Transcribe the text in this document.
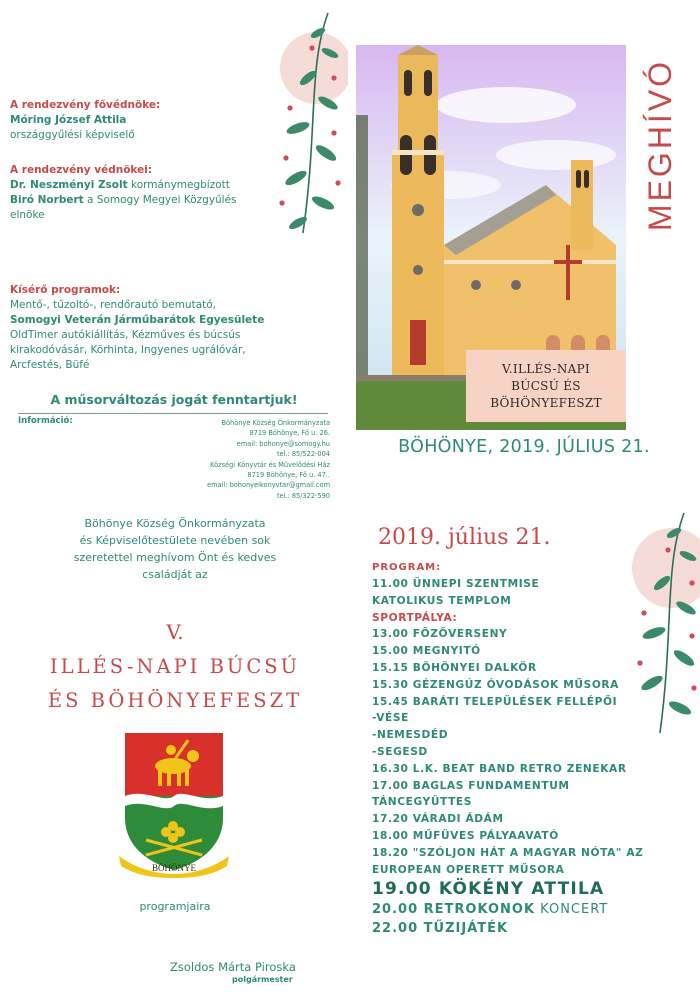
A rendezvény fővédnöke:
Móring József Attila
országgyűlési képviselő
A rendezvény védnökei:
Dr. Neszményi Zsolt kormánymegbízott
Biró Norbert a Somogy Megyei Közgyűlés
elnöke
Kísérő programok:
Mentő-, tűzoltó-, rendőrautó bemutató,
Somogyi Veterán Járműbarátok Egyesülete
OldTimer autókiállítás, Kézműves és búcsús
kirakodóvásár, Körhinta, Ingyenes ugrálóvár,
Arcfestés, Büfé
A műsorváltozás jogát fenntartjuk!
Információ:	Böhönye Község Önkormányzata
8719 Böhönye, Fő u. 26.
email: bohonye@somogy.hu
tel.: 85/522-004
Községi Könyvtár és Művelődési Ház
8719 Böhönye, Fő u. 47..
email: bohonyeikonyvtar@gmail.com
tel.: 85/322-590
MEGHÍVÓ
V.ILLÉS-NAPI
BÚCSÚ ÉS
BÖHÖNYEFESZT
BÖHÖNYE, 2019. JÚLIUS 21.
Böhönye Község Önkormányzata
és Képviselőtestülete nevében sok
szeretettel meghívom Önt és kedves
családját az
V.
ILLÉS-NAPI BÚCSÚ
ÉS BÖHÖNYEFESZT
BÖHÖNYE
programjaira
Zsoldos Márta Piroska
polgármester
2019. július 21.
PROGRAM:
11.00 ÜNNEPI SZENTMISE
KATOLIKUS TEMPLOM
SPORTPÁLYA:
13.00 FŐZŐVERSENY
15.00 MEGNYITÓ
15.15 BÖHÖNYEI DALKÖR
15.30 GÉZENGÚZ ÓVODÁSOK MŰSORA
15.45 BARÁTI TELEPÜLÉSEK FELLÉPŐI
-VÉSE
-NEMESDÉD
-SEGESD
16.30 L.K. BEAT BAND RETRO ZENEKAR
17.00 BAGLAS FUNDAMENTUM
TÁNCEGYÜTTES
17.20 VÁRADI ÁDÁM
18.00 MŰFÜVES PÁLYAAVATÓ
18.20 "SZÓLJON HÁT A MAGYAR NÓTA" AZ
EUROPEAN OPERETT MŰSORA
19.00 KÖKÉNY ATTILA
20.00 RETROKONOK KONCERT
22.00 TŰZIJÁTÉK
